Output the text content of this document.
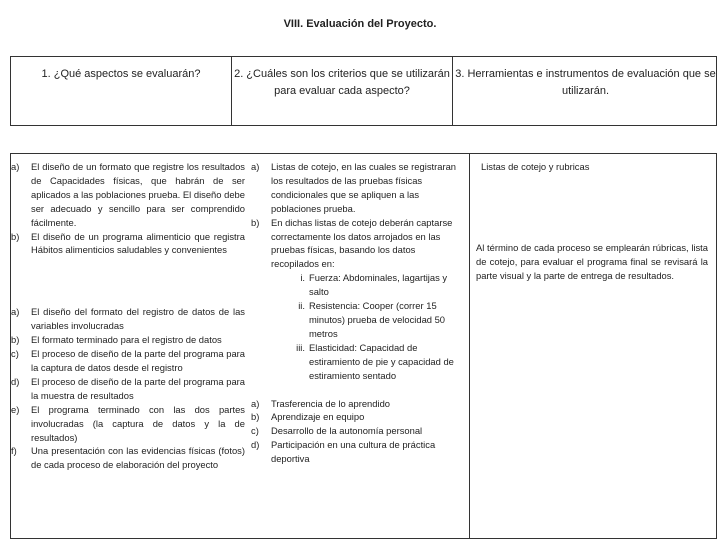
VIII. Evaluación del Proyecto.
1. ¿Qué aspectos se evaluarán?	2. ¿Cuáles son los criterios que se utilizarán para evaluar cada aspecto?
3. Herramientas e instrumentos de evaluación que se utilizarán.
a) El diseño de un formato que registre los resultados de Capacidades físicas, que habrán de ser aplicados a las poblaciones prueba. El diseño debe ser adecuado y sencillo para ser comprendido fácilmente.
b) El diseño de un programa alimenticio que registra Hábitos alimenticios saludables y convenientes
a) El diseño del formato del registro de datos de las variables involucradas
b) El formato terminado para el registro de datos
c) El proceso de diseño de la parte del programa para la captura de datos desde el registro
d) El proceso de diseño de la parte del programa para la muestra de resultados
e) El programa terminado con las dos partes involucradas (la captura de datos y la de resultados)
f) Una presentación con las evidencias físicas (fotos) de cada proceso de elaboración del proyecto
a) Listas de cotejo, en las cuales se registraran los resultados de las pruebas físicas condicionales que se apliquen a las poblaciones prueba.
b) En dichas listas de cotejo deberán captarse correctamente los datos arrojados en las pruebas físicas, basando los datos recopilados en:
i. Fuerza: Abdominales, lagartijas y salto
ii. Resistencia: Cooper (correr 15 minutos) prueba de velocidad 50 metros
iii. Elasticidad: Capacidad de estiramiento de pie y capacidad de estiramiento sentado
a) Trasferencia de lo aprendido
b) Aprendizaje en equipo
c) Desarrollo de la autonomía personal
d) Participación en una cultura de práctica deportiva
Listas de cotejo y rubricas
Al término de cada proceso se emplearán rúbricas, lista de cotejo, para evaluar el programa final se revisará la parte visual y la parte de entrega de resultados.
